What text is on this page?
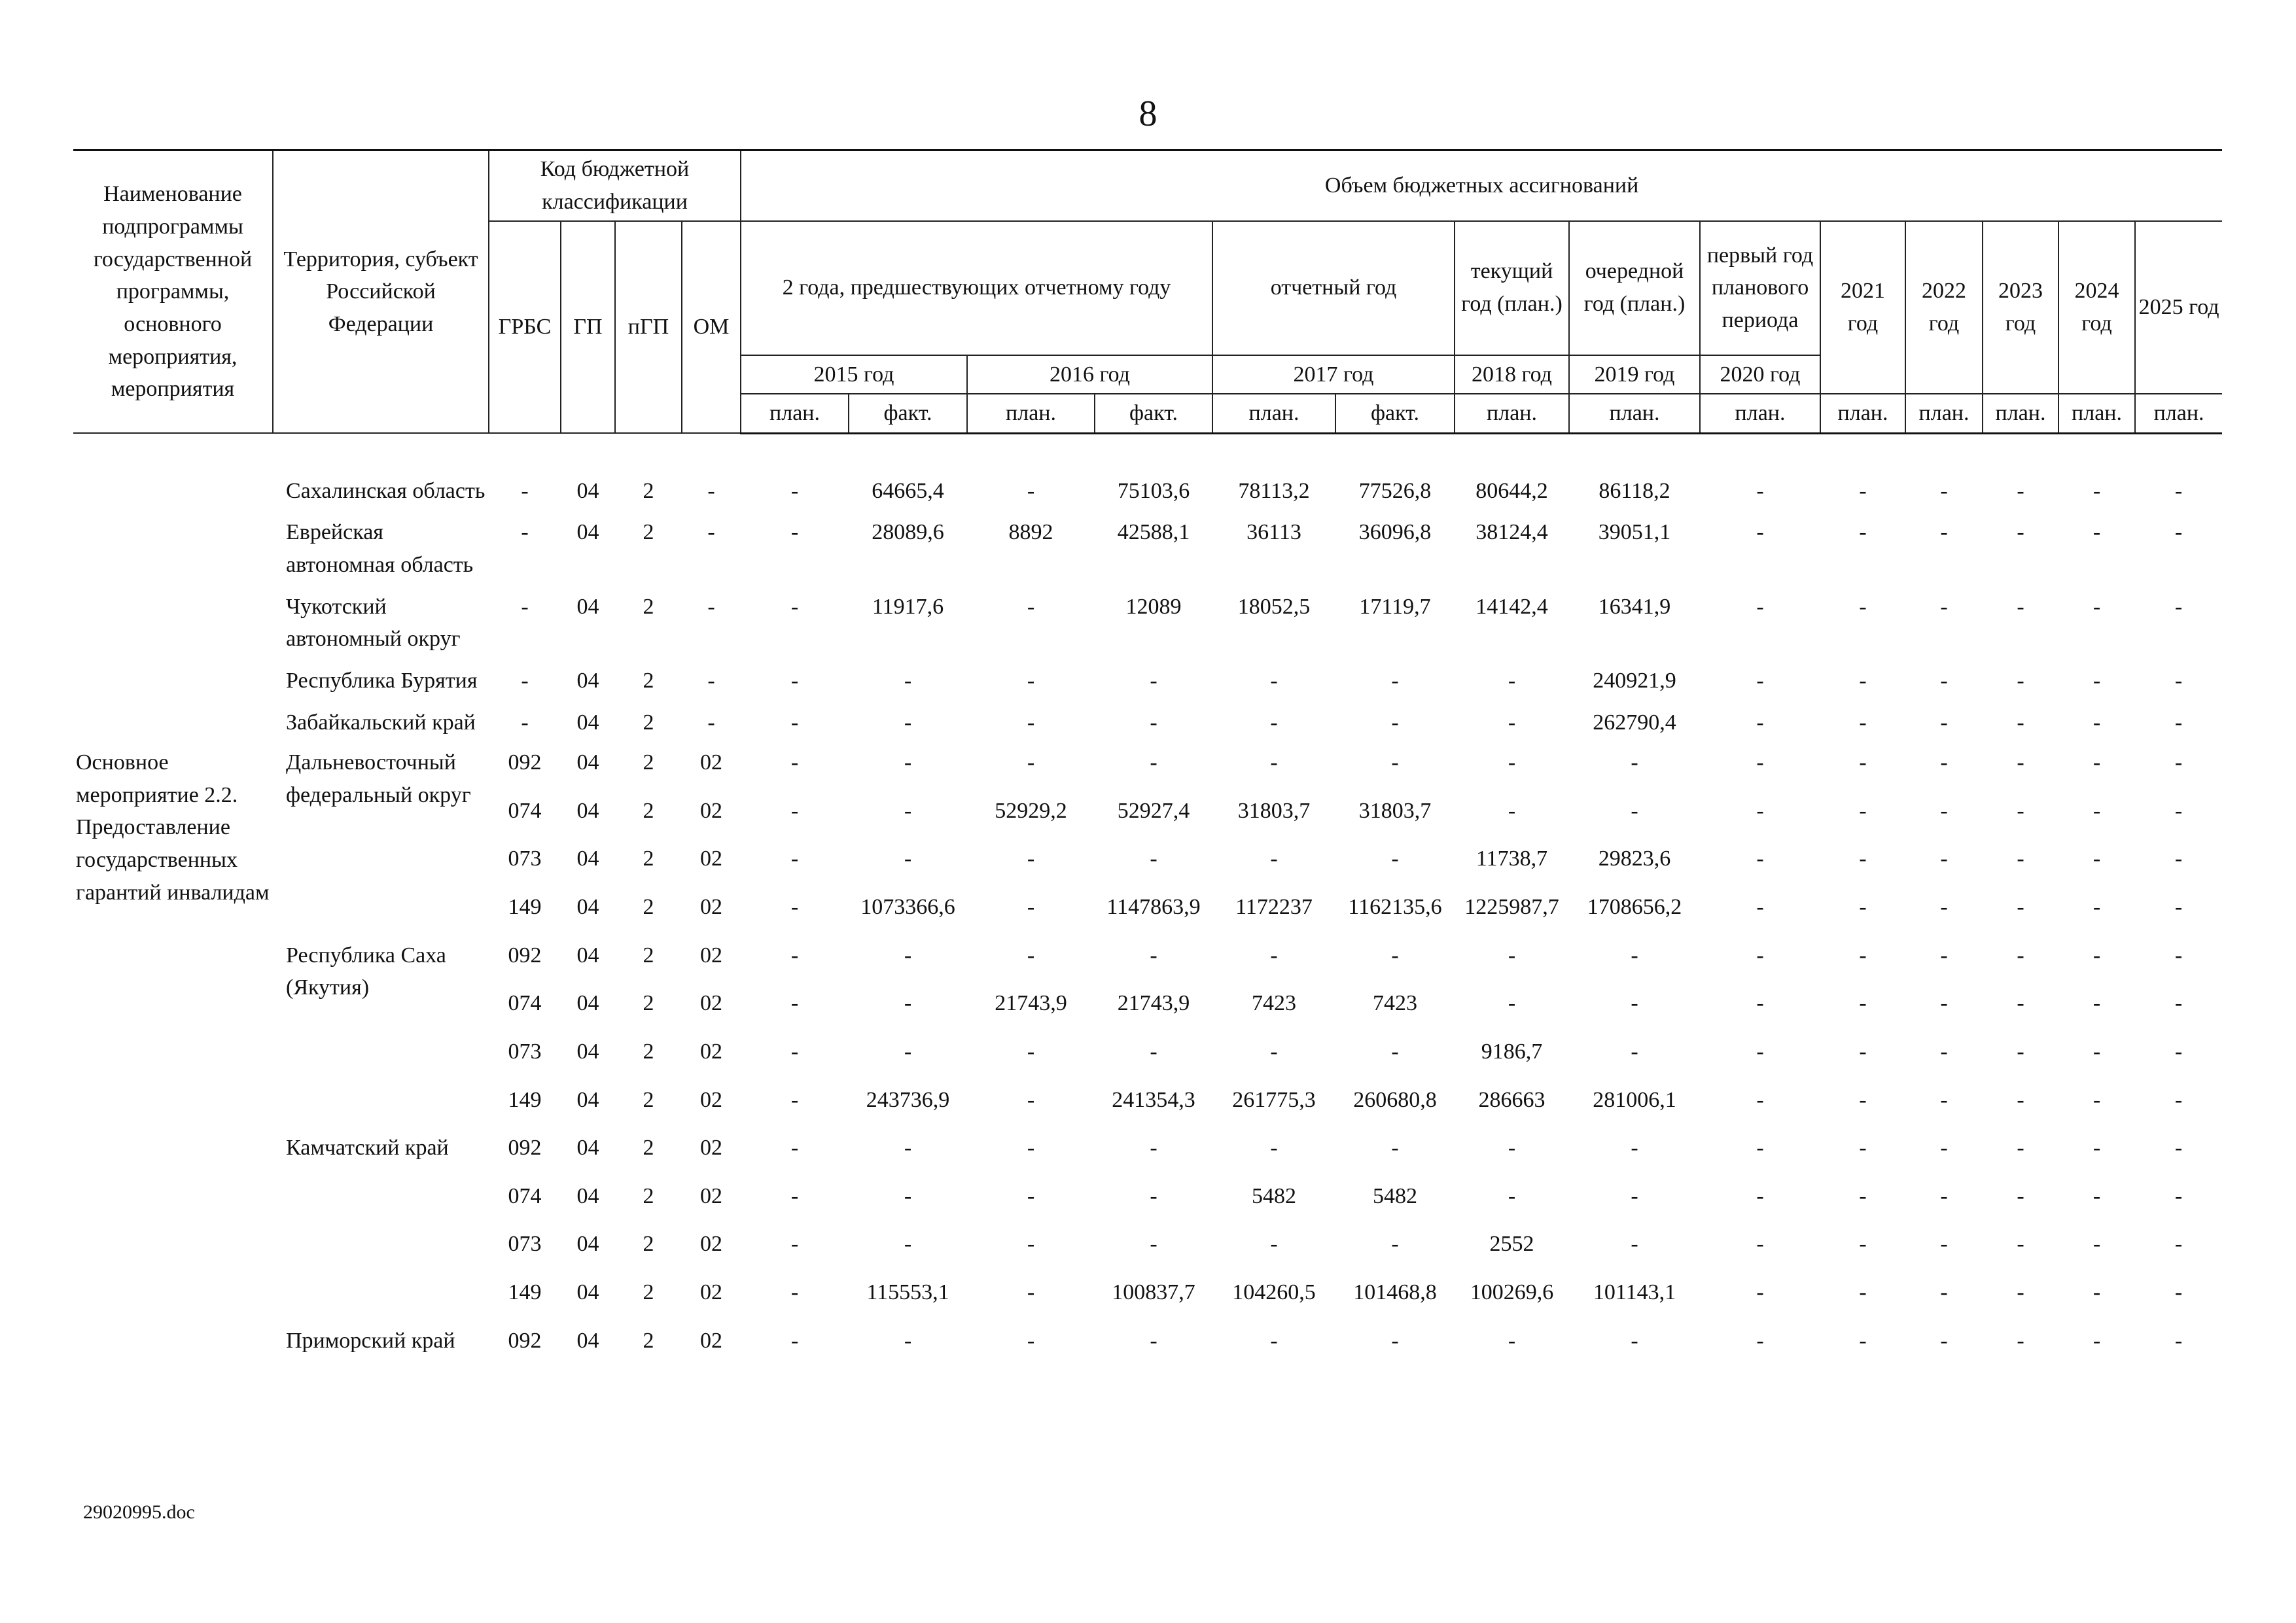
8
Наименование подпрограммы государственной программы, основного мероприятия, мероприятия	Территория, субъект Российской Федерации	Код бюджетной классификации				Объем бюджетных ассигнований													
		ГРБС	ГП	пГП	ОМ	2 года, предшествующих отчетному году				отчетный год		текущий год (план.)	очередной год (план.)	первый год планового периода	2021 год	2022 год	2023 год	2024 год	2025 год
						2015 год		2016 год		2017 год		2018 год	2019 год	2020 год					
						план.	факт.	план.	факт.	план.	факт.	план.	план.	план.	план.	план.	план.	план.	план.

	Сахалинская область	-	04	2	-	-	64665,4	-	75103,6	78113,2	77526,8	80644,2	86118,2	-	-	-	-	-	-
	Еврейская автономная область	-	04	2	-	-	28089,6	8892	42588,1	36113	36096,8	38124,4	39051,1	-	-	-	-	-	-
	Чукотский автономный округ	-	04	2	-	-	11917,6	-	12089	18052,5	17119,7	14142,4	16341,9	-	-	-	-	-	-
	Республика Бурятия	-	04	2	-	-	-	-	-	-	-	-	240921,9	-	-	-	-	-	-
	Забайкальский край	-	04	2	-	-	-	-	-	-	-	-	262790,4	-	-	-	-	-	-
Основное мероприятие 2.2. Предоставление государственных гарантий инвалидам	Дальневосточный федеральный округ	092	04	2	02	-	-	-	-	-	-	-	-	-	-	-	-	-	-
		074	04	2	02	-	-	52929,2	52927,4	31803,7	31803,7	-	-	-	-	-	-	-	-
		073	04	2	02	-	-	-	-	-	-	11738,7	29823,6	-	-	-	-	-	-
		149	04	2	02	-	1073366,6	-	1147863,9	1172237	1162135,6	1225987,7	1708656,2	-	-	-	-	-	-
	Республика Саха (Якутия)	092	04	2	02	-	-	-	-	-	-	-	-	-	-	-	-	-	-
		074	04	2	02	-	-	21743,9	21743,9	7423	7423	-	-	-	-	-	-	-	-
		073	04	2	02	-	-	-	-	-	-	9186,7	-	-	-	-	-	-	-
		149	04	2	02	-	243736,9	-	241354,3	261775,3	260680,8	286663	281006,1	-	-	-	-	-	-
	Камчатский край	092	04	2	02	-	-	-	-	-	-	-	-	-	-	-	-	-	-
		074	04	2	02	-	-	-	-	5482	5482	-	-	-	-	-	-	-	-
		073	04	2	02	-	-	-	-	-	-	2552	-	-	-	-	-	-	-
		149	04	2	02	-	115553,1	-	100837,7	104260,5	101468,8	100269,6	101143,1	-	-	-	-	-	-
	Приморский край	092	04	2	02	-	-	-	-	-	-	-	-	-	-	-	-	-	-
29020995.doc
